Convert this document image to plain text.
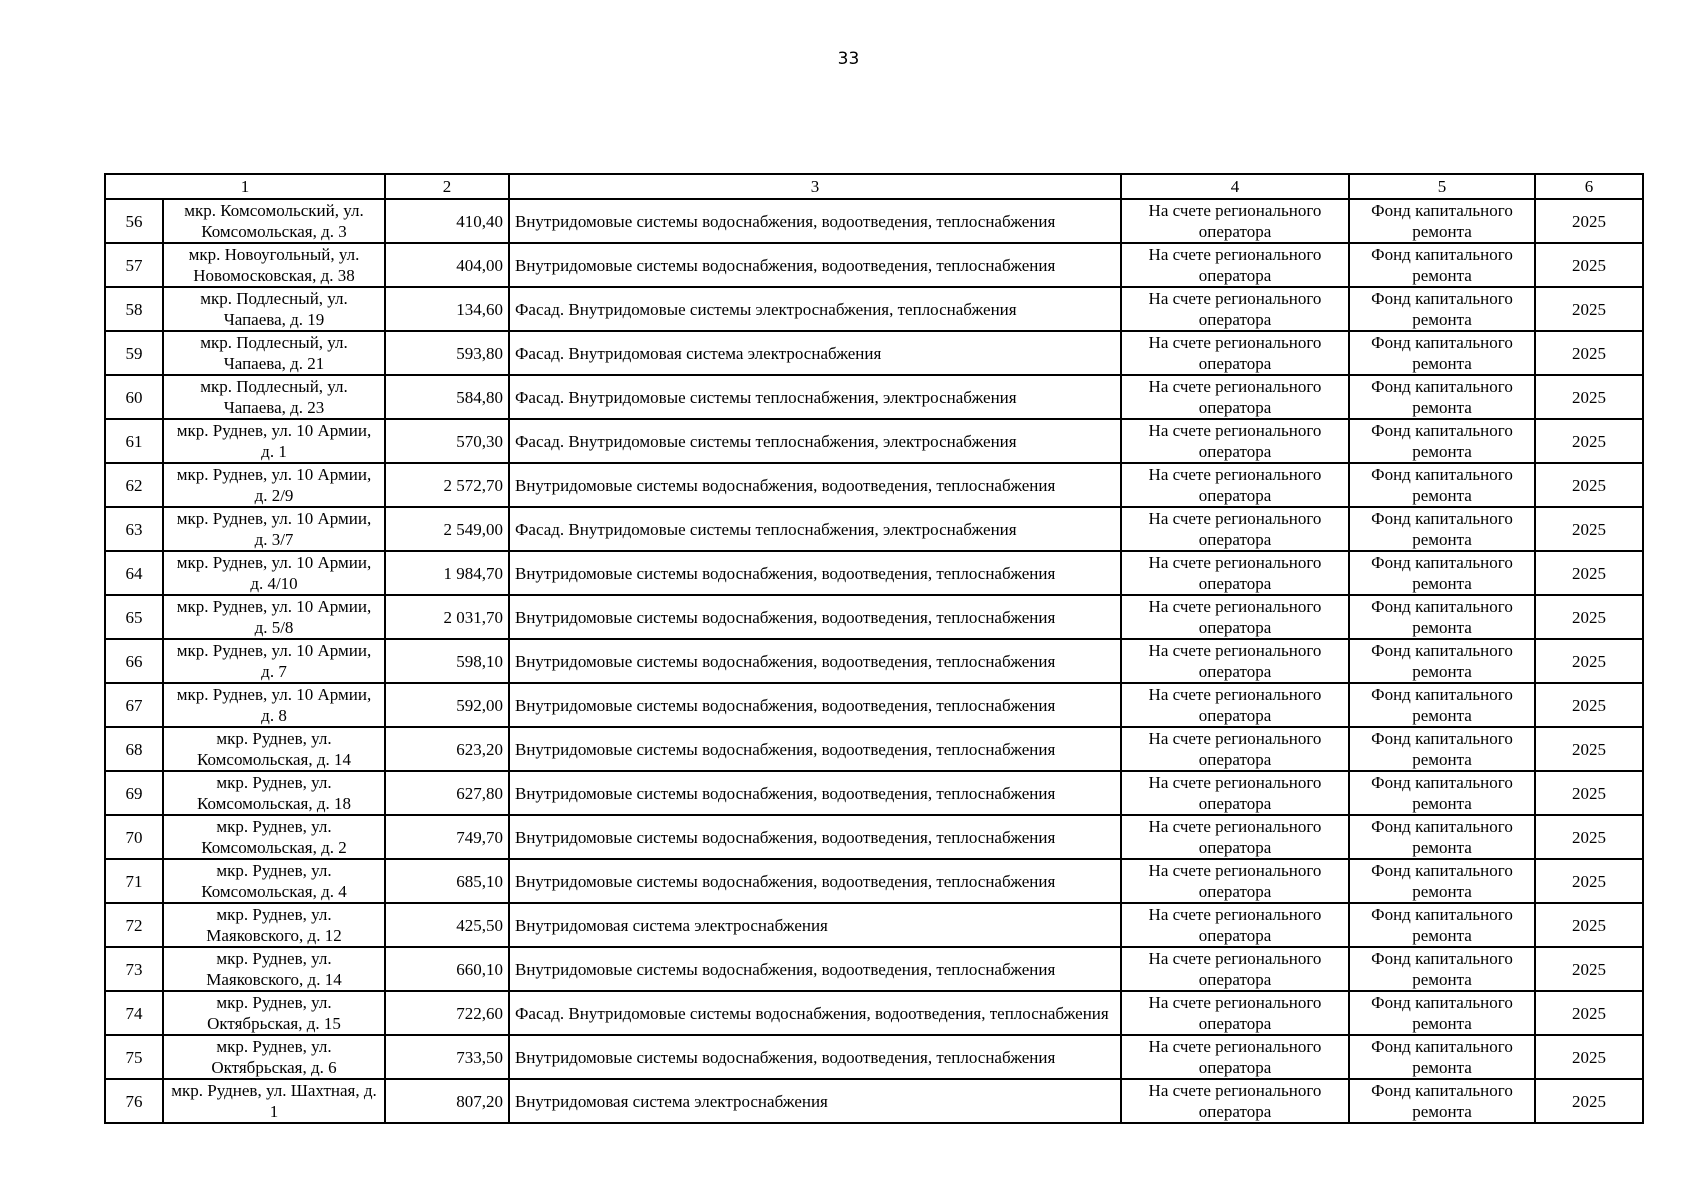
33
1		2	3	4	5	6
56	мкр. Комсомольский, ул. Комсомольская, д. 3	410,40	Внутридомовые системы водоснабжения, водоотведения, теплоснабжения	На счете регионального оператора	Фонд капитального ремонта	2025
57	мкр. Новоугольный, ул. Новомосковская, д. 38	404,00	Внутридомовые системы водоснабжения, водоотведения, теплоснабжения	На счете регионального оператора	Фонд капитального ремонта	2025
58	мкр. Подлесный, ул. Чапаева, д. 19	134,60	Фасад. Внутридомовые системы электроснабжения, теплоснабжения	На счете регионального оператора	Фонд капитального ремонта	2025
59	мкр. Подлесный, ул. Чапаева, д. 21	593,80	Фасад. Внутридомовая система электроснабжения	На счете регионального оператора	Фонд капитального ремонта	2025
60	мкр. Подлесный, ул. Чапаева, д. 23	584,80	Фасад. Внутридомовые системы теплоснабжения, электроснабжения	На счете регионального оператора	Фонд капитального ремонта	2025
61	мкр. Руднев, ул. 10 Армии, д. 1	570,30	Фасад. Внутридомовые системы теплоснабжения, электроснабжения	На счете регионального оператора	Фонд капитального ремонта	2025
62	мкр. Руднев, ул. 10 Армии, д. 2/9	2 572,70	Внутридомовые системы водоснабжения, водоотведения, теплоснабжения	На счете регионального оператора	Фонд капитального ремонта	2025
63	мкр. Руднев, ул. 10 Армии, д. 3/7	2 549,00	Фасад. Внутридомовые системы теплоснабжения, электроснабжения	На счете регионального оператора	Фонд капитального ремонта	2025
64	мкр. Руднев, ул. 10 Армии, д. 4/10	1 984,70	Внутридомовые системы водоснабжения, водоотведения, теплоснабжения	На счете регионального оператора	Фонд капитального ремонта	2025
65	мкр. Руднев, ул. 10 Армии, д. 5/8	2 031,70	Внутридомовые системы водоснабжения, водоотведения, теплоснабжения	На счете регионального оператора	Фонд капитального ремонта	2025
66	мкр. Руднев, ул. 10 Армии, д. 7	598,10	Внутридомовые системы водоснабжения, водоотведения, теплоснабжения	На счете регионального оператора	Фонд капитального ремонта	2025
67	мкр. Руднев, ул. 10 Армии, д. 8	592,00	Внутридомовые системы водоснабжения, водоотведения, теплоснабжения	На счете регионального оператора	Фонд капитального ремонта	2025
68	мкр. Руднев, ул. Комсомольская, д. 14	623,20	Внутридомовые системы водоснабжения, водоотведения, теплоснабжения	На счете регионального оператора	Фонд капитального ремонта	2025
69	мкр. Руднев, ул. Комсомольская, д. 18	627,80	Внутридомовые системы водоснабжения, водоотведения, теплоснабжения	На счете регионального оператора	Фонд капитального ремонта	2025
70	мкр. Руднев, ул. Комсомольская, д. 2	749,70	Внутридомовые системы водоснабжения, водоотведения, теплоснабжения	На счете регионального оператора	Фонд капитального ремонта	2025
71	мкр. Руднев, ул. Комсомольская, д. 4	685,10	Внутридомовые системы водоснабжения, водоотведения, теплоснабжения	На счете регионального оператора	Фонд капитального ремонта	2025
72	мкр. Руднев, ул. Маяковского, д. 12	425,50	Внутридомовая система электроснабжения	На счете регионального оператора	Фонд капитального ремонта	2025
73	мкр. Руднев, ул. Маяковского, д. 14	660,10	Внутридомовые системы водоснабжения, водоотведения, теплоснабжения	На счете регионального оператора	Фонд капитального ремонта	2025
74	мкр. Руднев, ул. Октябрьская, д. 15	722,60	Фасад. Внутридомовые системы водоснабжения, водоотведения, теплоснабжения	На счете регионального оператора	Фонд капитального ремонта	2025
75	мкр. Руднев, ул. Октябрьская, д. 6	733,50	Внутридомовые системы водоснабжения, водоотведения, теплоснабжения	На счете регионального оператора	Фонд капитального ремонта	2025
76	мкр. Руднев, ул. Шахтная, д. 1	807,20	Внутридомовая система электроснабжения	На счете регионального оператора	Фонд капитального ремонта	2025
